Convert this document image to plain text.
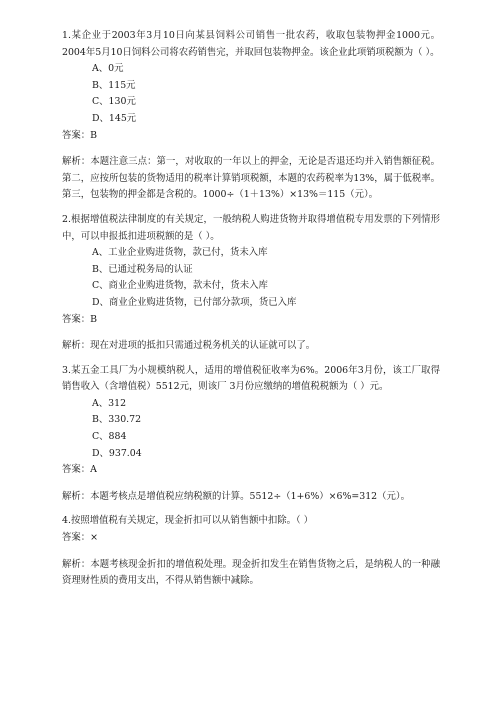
1.某企业于2003年3月10日向某县饲料公司销售一批农药，收取包装物押金1000元。2004年5月10日饲料公司将农药销售完，并取回包装物押金。该企业此项销项税额为（ ）。

A、0元

B、115元

C、130元

D、145元

答案：B

解析：本题注意三点：第一，对收取的一年以上的押金，无论是否退还均并入销售额征税。第二，应按所包装的货物适用的税率计算销项税额，本题的农药税率为13%，属于低税率。第三，包装物的押金都是含税的。1000÷（1＋13%）×13%＝115（元）。

2.根据增值税法律制度的有关规定，一般纳税人购进货物并取得增值税专用发票的下列情形中，可以申报抵扣进项税额的是（ ）。

A、工业企业购进货物，款已付，货未入库

B、已通过税务局的认证

C、商业企业购进货物，款未付，货未入库

D、商业企业购进货物，已付部分款项，货已入库

答案：B

解析：现在对进项的抵扣只需通过税务机关的认证就可以了。

3.某五金工具厂为小规模纳税人，适用的增值税征收率为6%。2006年3月份，该工厂取得销售收入（含增值税）5512元，则该厂 3月份应缴纳的增值税税额为（ ）元。

A、312

B、330.72

C、884

D、937.04

答案：A

解析：本题考核点是增值税应纳税额的计算。5512÷（1+6%）×6%=312（元）。

4.按照增值税有关规定，现金折扣可以从销售额中扣除。（ ）

答案：×

解析：本题考核现金折扣的增值税处理。现金折扣发生在销售货物之后，是纳税人的一种融资理财性质的费用支出，不得从销售额中减除。
